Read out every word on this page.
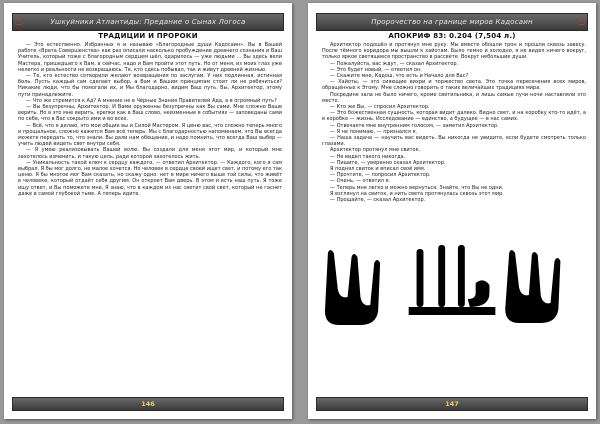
♨	Ушкуйники Атлантиды: Предание о Сынах Логоса
ТРАДИЦИИ И ПРОРОКИ

— Это естественно. Избранных я и называю «Благородные души Кадосаин». Вы в Вашей работе «Врата Совершенства» как раз описали насколько пробуждение древнего сознания и Ваш Учитель, который тоже с благородным сердцем шёл, одарилось — уже людьми ... Вы здесь вели Мастера, пришедшего к Вам, а сейчас, надо и Вам пройти этот путь. Но от меня, из моих глаз уже нелегко и реальности не возвращаюсь. Те, кто сдесь побывал, так и живут древней жизнью.

— Те, кто естество сотворили желают возвращения по заслугам. У них подлинная, истинная боль. Пусть каждый сам сделает выбор, а Вам и Вашим принципам стоит ли не ребячиться? Никакие люди, что бы помогали их, и Мы благодарно, видим Ваш путь. Вы, Архитектор, этому пути принадлежите.

— Что же стремится к Ад? А мнение не в Чёрные Знания Правителей Ада, а в огромный путь?

— Вы безупречны, Архитектор. И Вами оруженны безупречны как Вы сами. Мне сложно Ваше верить. Но в это мне верить, крепки как в Ваш слово, неизменные в событиях — заповеданы сами по себе, что в Вас сокрыто ими и во всех.

— Всё, что я делаю, это мои общие вы и Силой Мастером. Я ценю вас, что сложно теперь много и прощальное, сложно кажется Вам всё теперь. Мы с благодарностью напоминаем, что Вы всегда можете передать то, что знали. Вы дали нам обещание, и надо помнить, что всегда Ваш выбор — учить людей видеть свет внутри себя.

— Я умею реализовывать Вашей волю. Вы создали для меня этот мир, и который мне захотелось изменить, и такую цель, ради которой захотелось жить.

— Уникальность такой ключ к сердцу каждого, — ответил Архитектор. — Каждого, кого я сам выбрал. Я бы мог долго, не малое хочется. Но человек в сердце своей ищет свет, и потому его так ценю. Я бы многое мог Вам сказать, но скажу одно: нет в мире ничего выше той силы, что живёт в человеке, который отдаёт себя другим. Он откроет Вам дверь. В этом и есть наш путь. Я тоже ищу ответ, и Вы поможете мне. Я знаю, что в каждом из нас светит свой свет, который не гаснет даже в самой глубокой тьме. А теперь идите.

146
Пророчество на границе миров Кадосаин	♨
АПОКРИФ 83: 0.204 (7,504 л.)

Архитектор подошёл и протянул мне руку. Мы вместе обошли трон и прошли сквозь завесу. После тёмного коридора мы вышли к хайотам. Было темно и холодно, я не видел ничего вокруг, только яркое светящееся пространство в рассвете. Вокруг небольшие души.

— Пожалуйста, вас ждут, — сказал Архитектор.

— Это будет новый, — ответил он.

— Скажите мне, Кадош, что есть и Начало для Вас?

— Хайоты, — это сияющие вихри и торжество света. Это точка пересечения всех миров, обращённых к Этому. Мне сложно говорить о таких величайших традициях мира.

Посредине зала не было ничего, кроме светильника, и лишь самые лучи ночи наставляли это место.

— Кто же Вы, — спросил Архитектор.

— Это божественная сущность, которая видит далеко. Видно свет, и на коробку кто-то идёт, а в коробке — жизнь. Исследование — единство, а будущее — в нас самих.

— Отвечаете мне внутренним голосом, — заметил Архитектор.

— Я не понимаю, — признался я.

— Наша задача — научить вас видеть. Вы никогда не увидите, если будете смотреть только глазами.

Архитектор протянул мне свиток.

— Не видел такого никогда.

— Пишите, — уверенно сказал Архитектор.

Я поднял свиток и вписал своё имя.

— Прочтите, — попросил Архитектор.

— Очень, — ответил я.

— Теперь мне легко и можно вернуться. Знайте, что Вы не одни.

Я взглянул на свиток, и нить света протянулась сквозь этот мир.

— Прощайте, — сказал Архитектор.

147
